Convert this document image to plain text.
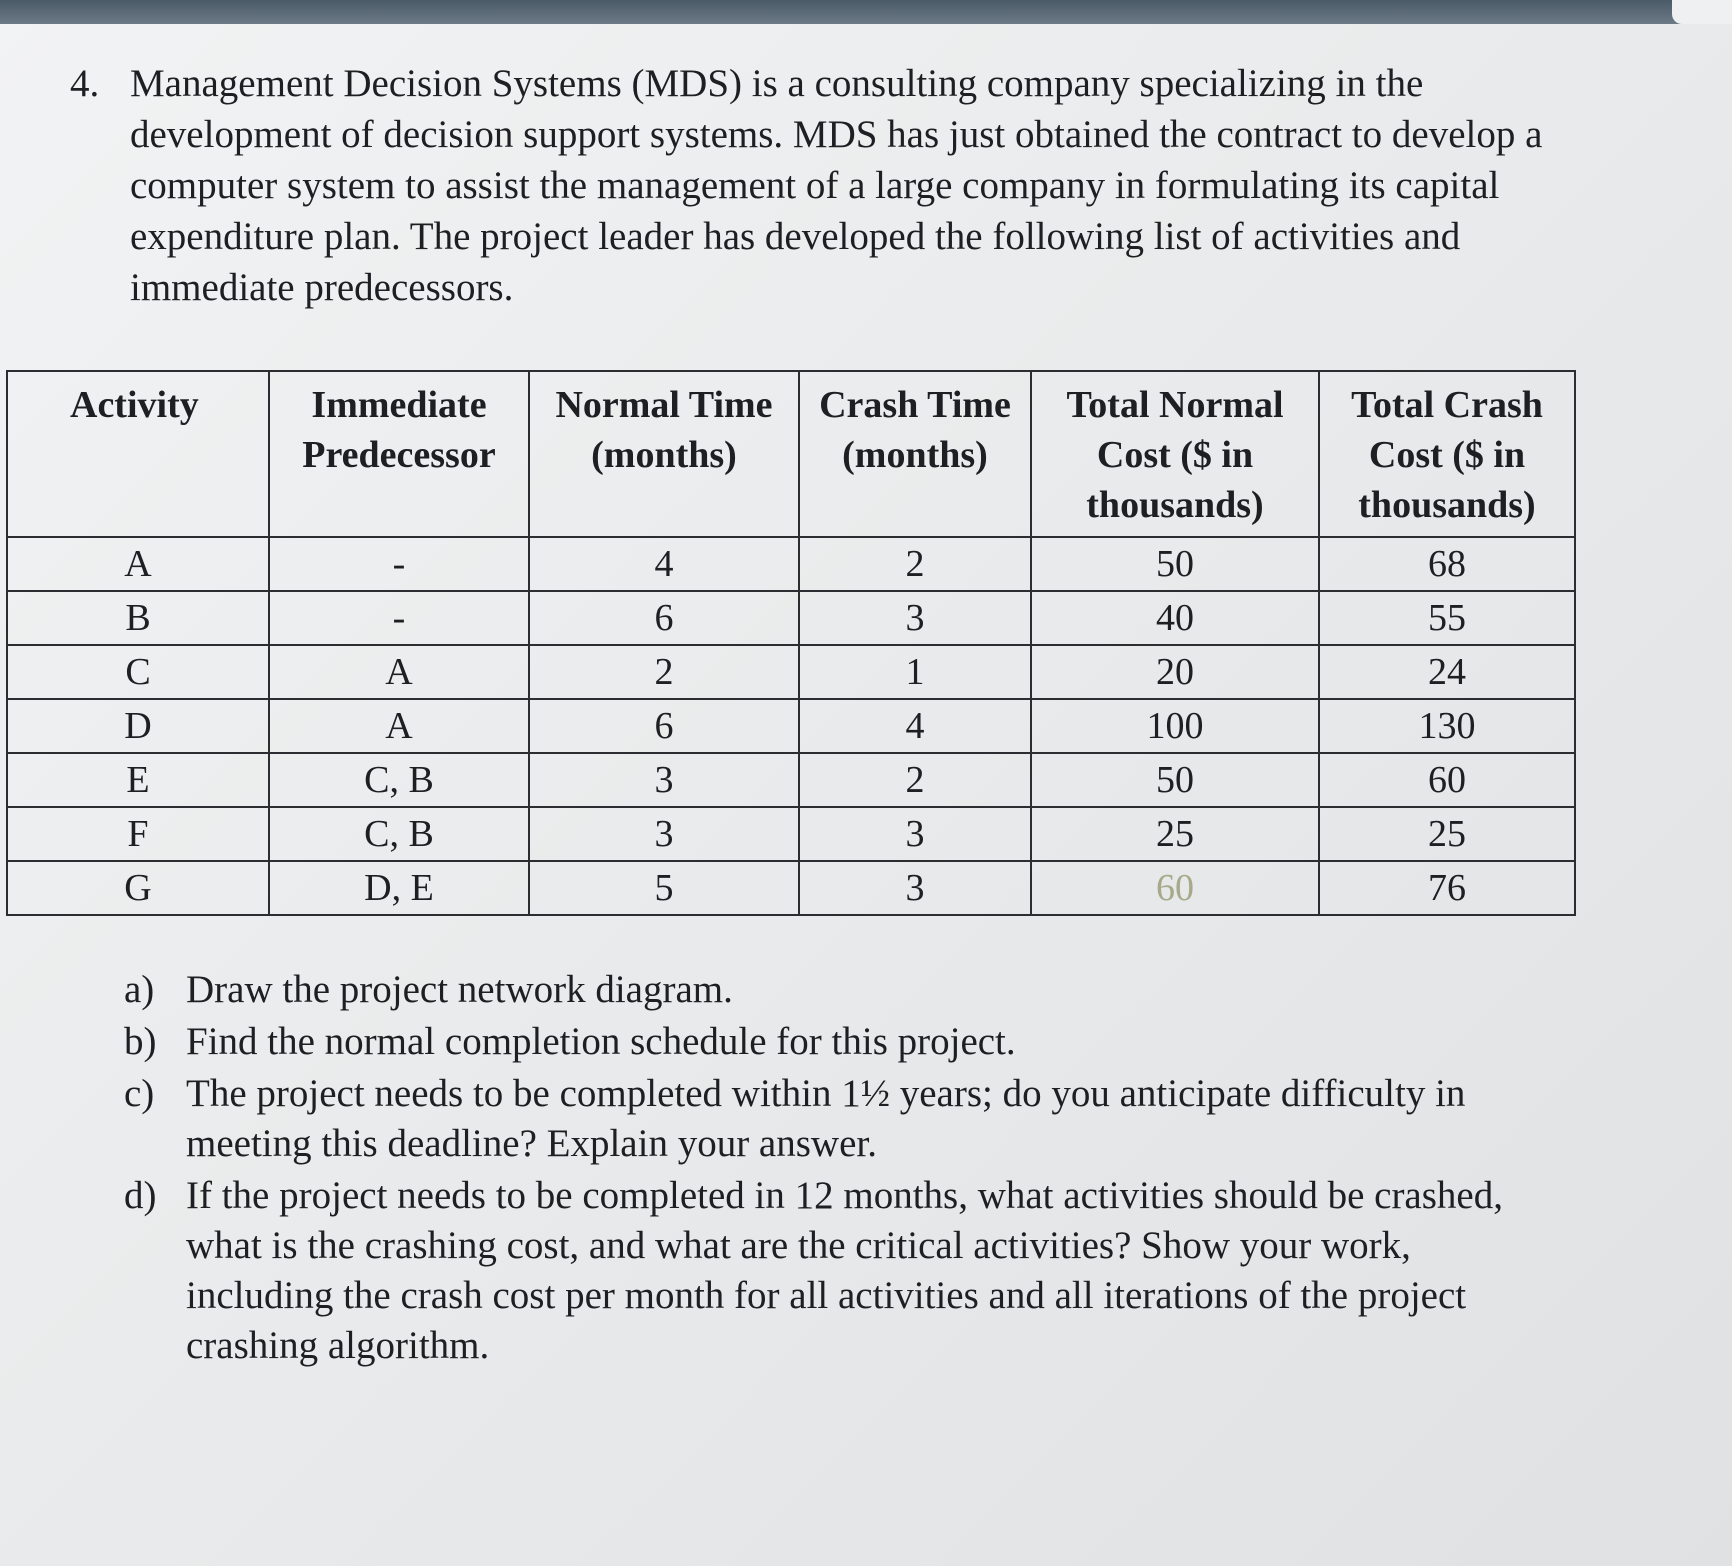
4. Management Decision Systems (MDS) is a consulting company specializing in the development of decision support systems. MDS has just obtained the contract to develop a computer system to assist the management of a large company in formulating its capital expenditure plan. The project leader has developed the following list of activities and immediate predecessors.
Activity	Immediate Predecessor	Normal Time (months)	Crash Time (months)	Total Normal Cost ($ in thousands)	Total Crash Cost ($ in thousands)
A	-	4	2	50	68
B	-	6	3	40	55
C	A	2	1	20	24
D	A	6	4	100	130
E	C, B	3	2	50	60
F	C, B	3	3	25	25
G	D, E	5	3	60	76
a) Draw the project network diagram.
b) Find the normal completion schedule for this project.
c) The project needs to be completed within 1½ years; do you anticipate difficulty in meeting this deadline? Explain your answer.
d) If the project needs to be completed in 12 months, what activities should be crashed, what is the crashing cost, and what are the critical activities? Show your work, including the crash cost per month for all activities and all iterations of the project crashing algorithm.
